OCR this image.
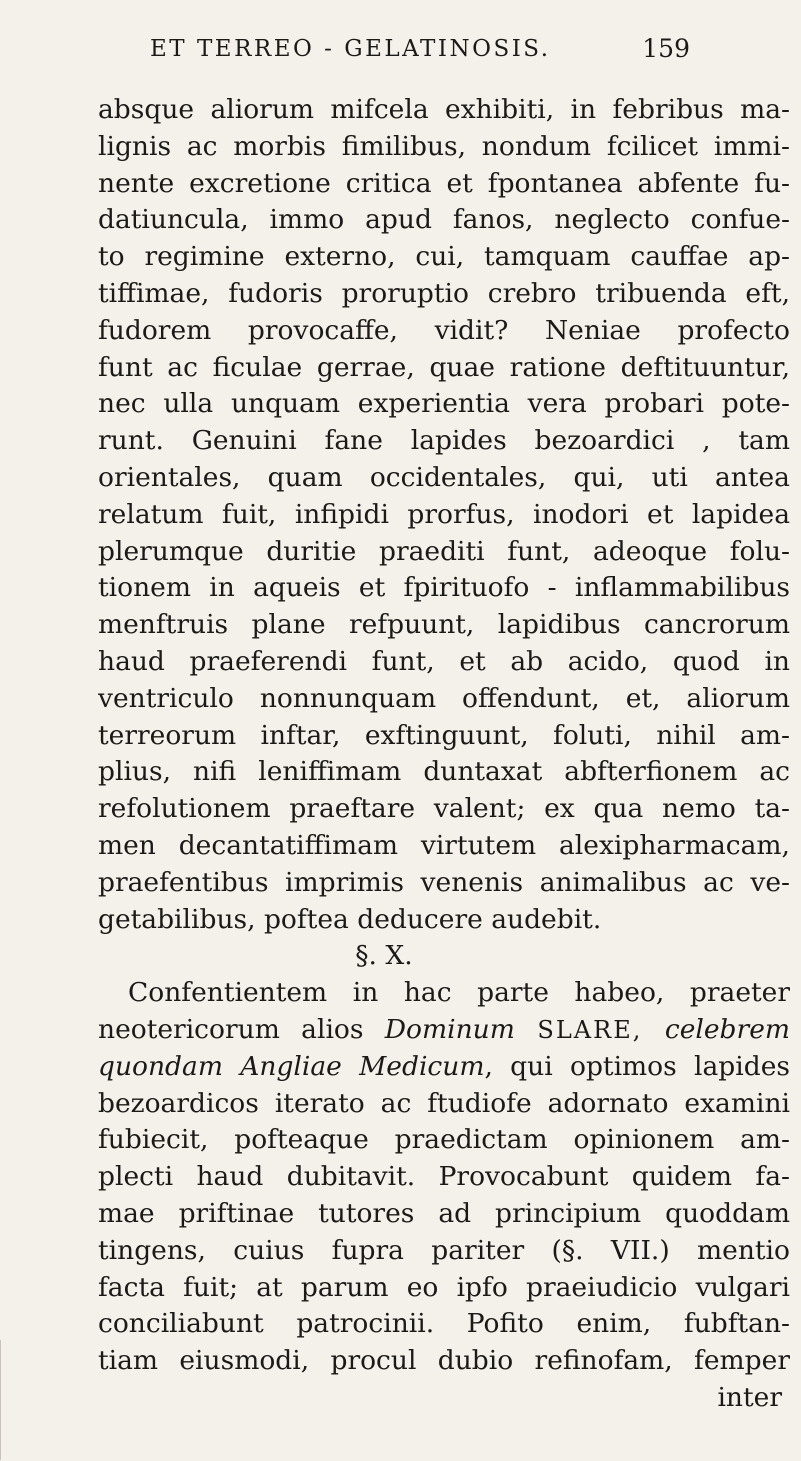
ET TERREO - GELATINOSIS.	159
absque aliorum mifcela exhibiti, in febribus ma-
lignis ac morbis fimilibus, nondum fcilicet immi-
nente excretione critica et fpontanea abfente fu-
datiuncula, immo apud fanos, neglecto confue-
to regimine externo, cui, tamquam cauffae ap-
tiffimae, fudoris proruptio crebro tribuenda eft,
fudorem provocaffe, vidit? Neniae profecto
funt ac ficulae gerrae, quae ratione deftituuntur,
nec ulla unquam experientia vera probari pote-
runt. Genuini fane lapides bezoardici , tam
orientales, quam occidentales, qui, uti antea
relatum fuit, infipidi prorfus, inodori et lapidea
plerumque duritie praediti funt, adeoque folu-
tionem in aqueis et fpirituofo - inflammabilibus
menftruis plane refpuunt, lapidibus cancrorum
haud praeferendi funt, et ab acido, quod in
ventriculo nonnunquam offendunt, et, aliorum
terreorum inftar, exftinguunt, foluti, nihil am-
plius, nifi leniffimam duntaxat abfterfionem ac
refolutionem praeftare valent; ex qua nemo ta-
men decantatiffimam virtutem alexipharmacam,
praefentibus imprimis venenis animalibus ac ve-
getabilibus, poftea deducere audebit.
§. X.
Confentientem in hac parte habeo, praeter
neotericorum alios Dominum SLARE, celebrem
quondam Angliae Medicum, qui optimos lapides
bezoardicos iterato ac ftudiofe adornato examini
fubiecit, pofteaque praedictam opinionem am-
plecti haud dubitavit. Provocabunt quidem fa-
mae priftinae tutores ad principium quoddam
tingens, cuius fupra pariter (§. VII.) mentio
facta fuit; at parum eo ipfo praeiudicio vulgari
conciliabunt patrocinii. Pofito enim, fubftan-
tiam eiusmodi, procul dubio refinofam, femper
inter
